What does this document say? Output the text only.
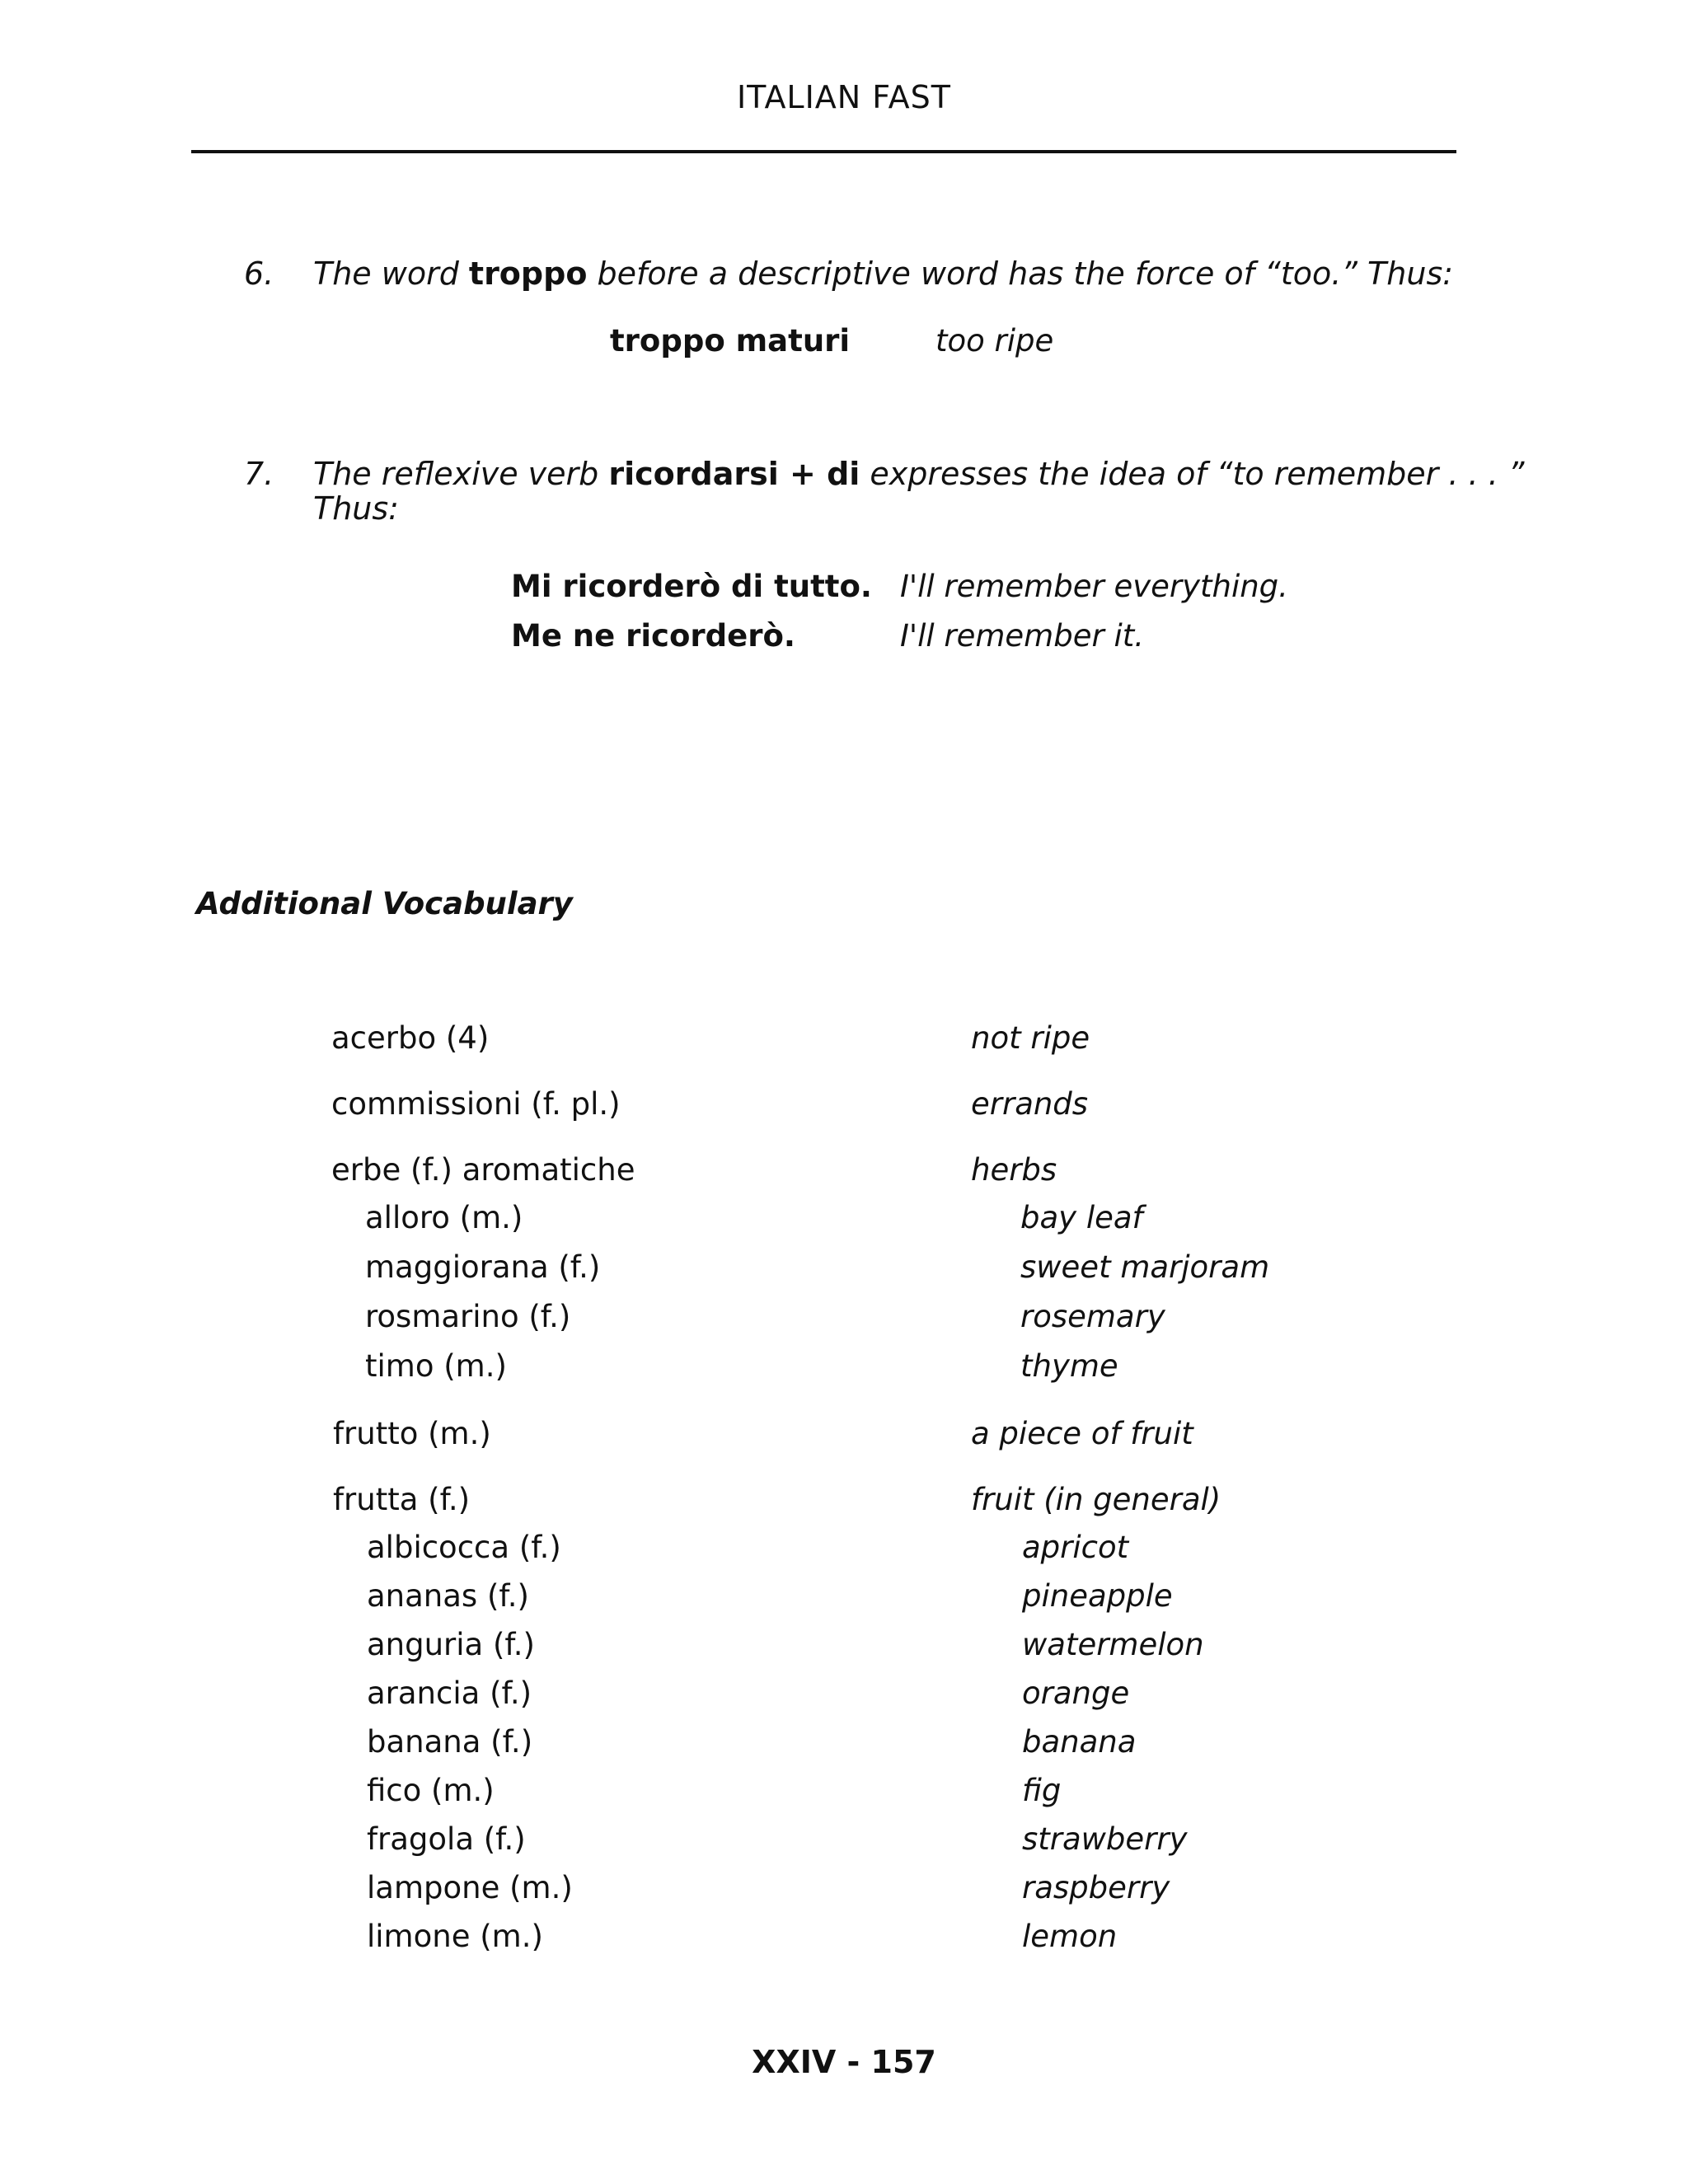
ITALIAN FAST
6. The word troppo before a descriptive word has the force of “too.” Thus:
troppo maturi	too ripe
7. The reflexive verb ricordarsi + di expresses the idea of “to remember . . . ”
Thus:
Mi ricorderò di tutto. I'll remember everything.
Me ne ricorderò.	I'll remember it.
Additional Vocabulary
acerbo (4)	not ripe
commissioni (f. pl.)	errands
erbe (f.) aromatiche	herbs
alloro (m.)	bay leaf
maggiorana (f.)	sweet marjoram
rosmarino (f.)	rosemary
timo (m.)	thyme
frutto (m.)	a piece of fruit
frutta (f.)	fruit (in general)
albicocca (f.)	apricot
ananas (f.)	pineapple
anguria (f.)	watermelon
arancia (f.)	orange
banana (f.)	banana
fico (m.)	fig
fragola (f.)	strawberry
lampone (m.)	raspberry
limone (m.)	lemon
XXIV - 157
